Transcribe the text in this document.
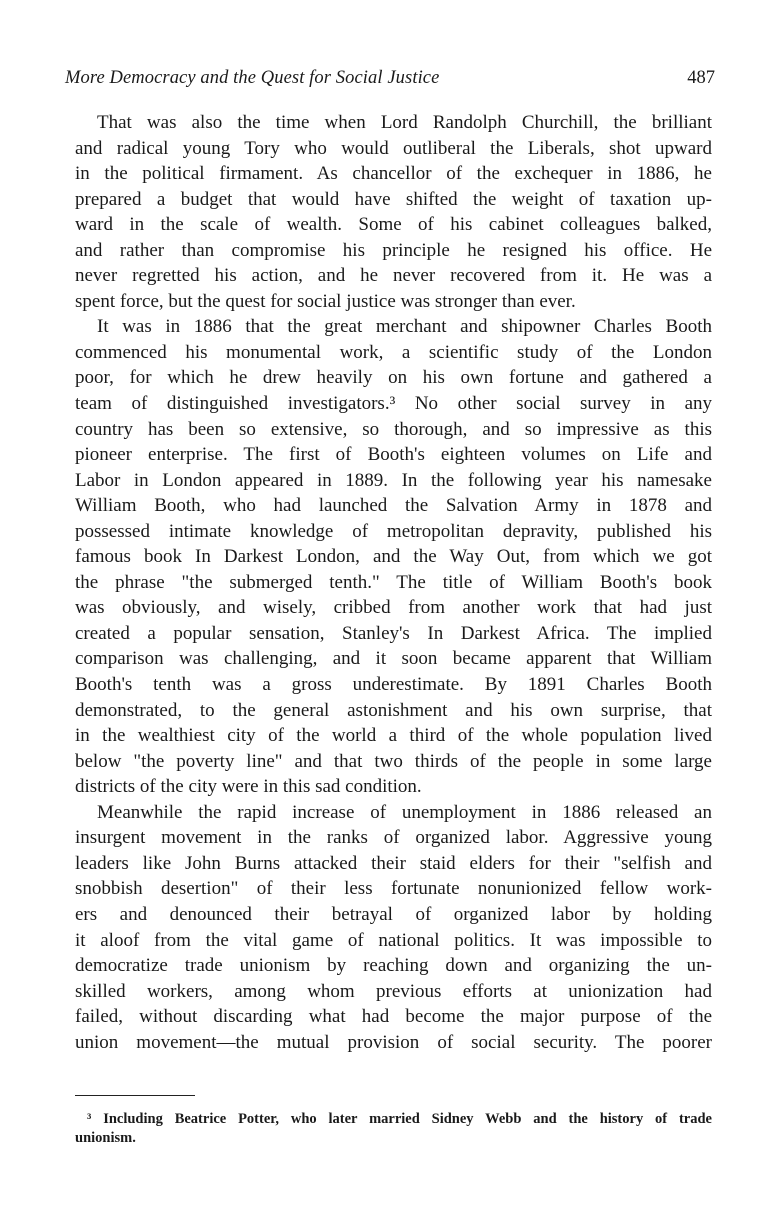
More Democracy and the Quest for Social Justice	487
That was also the time when Lord Randolph Churchill, the brilliant
and radical young Tory who would outliberal the Liberals, shot upward
in the political firmament. As chancellor of the exchequer in 1886, he
prepared a budget that would have shifted the weight of taxation up-
ward in the scale of wealth. Some of his cabinet colleagues balked,
and rather than compromise his principle he resigned his office. He
never regretted his action, and he never recovered from it. He was a
spent force, but the quest for social justice was stronger than ever.
It was in 1886 that the great merchant and shipowner Charles Booth
commenced his monumental work, a scientific study of the London
poor, for which he drew heavily on his own fortune and gathered a
team of distinguished investigators.³ No other social survey in any
country has been so extensive, so thorough, and so impressive as this
pioneer enterprise. The first of Booth's eighteen volumes on Life and
Labor in London appeared in 1889. In the following year his namesake
William Booth, who had launched the Salvation Army in 1878 and
possessed intimate knowledge of metropolitan depravity, published his
famous book In Darkest London, and the Way Out, from which we got
the phrase "the submerged tenth." The title of William Booth's book
was obviously, and wisely, cribbed from another work that had just
created a popular sensation, Stanley's In Darkest Africa. The implied
comparison was challenging, and it soon became apparent that William
Booth's tenth was a gross underestimate. By 1891 Charles Booth
demonstrated, to the general astonishment and his own surprise, that
in the wealthiest city of the world a third of the whole population lived
below "the poverty line" and that two thirds of the people in some large
districts of the city were in this sad condition.
Meanwhile the rapid increase of unemployment in 1886 released an
insurgent movement in the ranks of organized labor. Aggressive young
leaders like John Burns attacked their staid elders for their "selfish and
snobbish desertion" of their less fortunate nonunionized fellow work-
ers and denounced their betrayal of organized labor by holding
it aloof from the vital game of national politics. It was impossible to
democratize trade unionism by reaching down and organizing the un-
skilled workers, among whom previous efforts at unionization had
failed, without discarding what had become the major purpose of the
union movement—the mutual provision of social security. The poorer
³ Including Beatrice Potter, who later married Sidney Webb and the history of trade
unionism.
